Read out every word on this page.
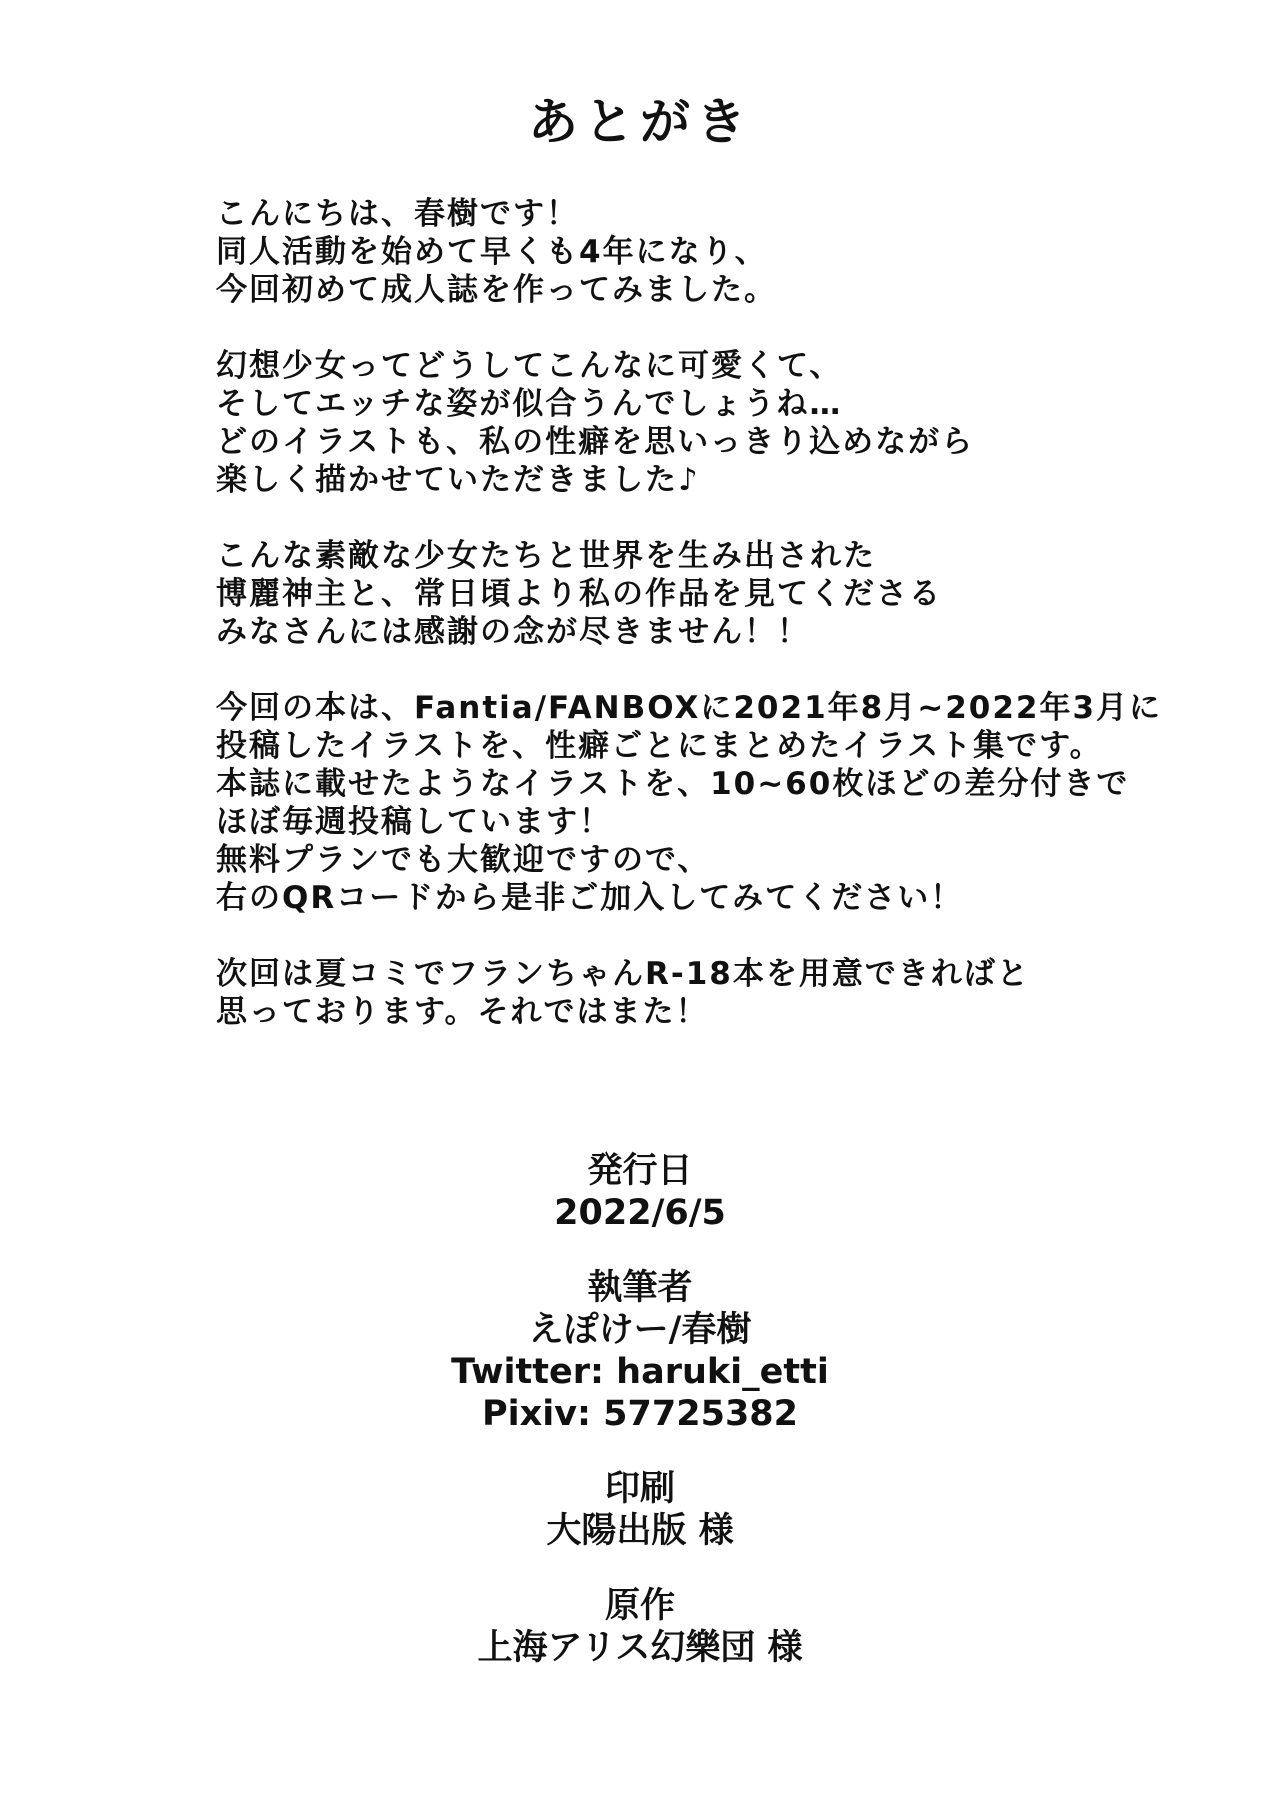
あとがき
こんにちは、春樹です！
同人活動を始めて早くも4年になり、
今回初めて成人誌を作ってみました。
幻想少女ってどうしてこんなに可愛くて、
そしてエッチな姿が似合うんでしょうね…
どのイラストも、私の性癖を思いっきり込めながら
楽しく描かせていただきました♪
こんな素敵な少女たちと世界を生み出された
博麗神主と、常日頃より私の作品を見てくださる
みなさんには感謝の念が尽きません！！
今回の本は、Fantia/FANBOXに2021年8月~2022年3月に
投稿したイラストを、性癖ごとにまとめたイラスト集です。
本誌に載せたようなイラストを、10~60枚ほどの差分付きで
ほぼ毎週投稿しています！
無料プランでも大歓迎ですので、
右のQRコードから是非ご加入してみてください！
次回は夏コミでフランちゃんR-18本を用意できればと
思っております。それではまた！
発行日
2022/6/5
執筆者
えぽけー/春樹
Twitter: haruki_etti
Pixiv: 57725382
印刷
大陽出版 様
原作
上海アリス幻樂団 様
